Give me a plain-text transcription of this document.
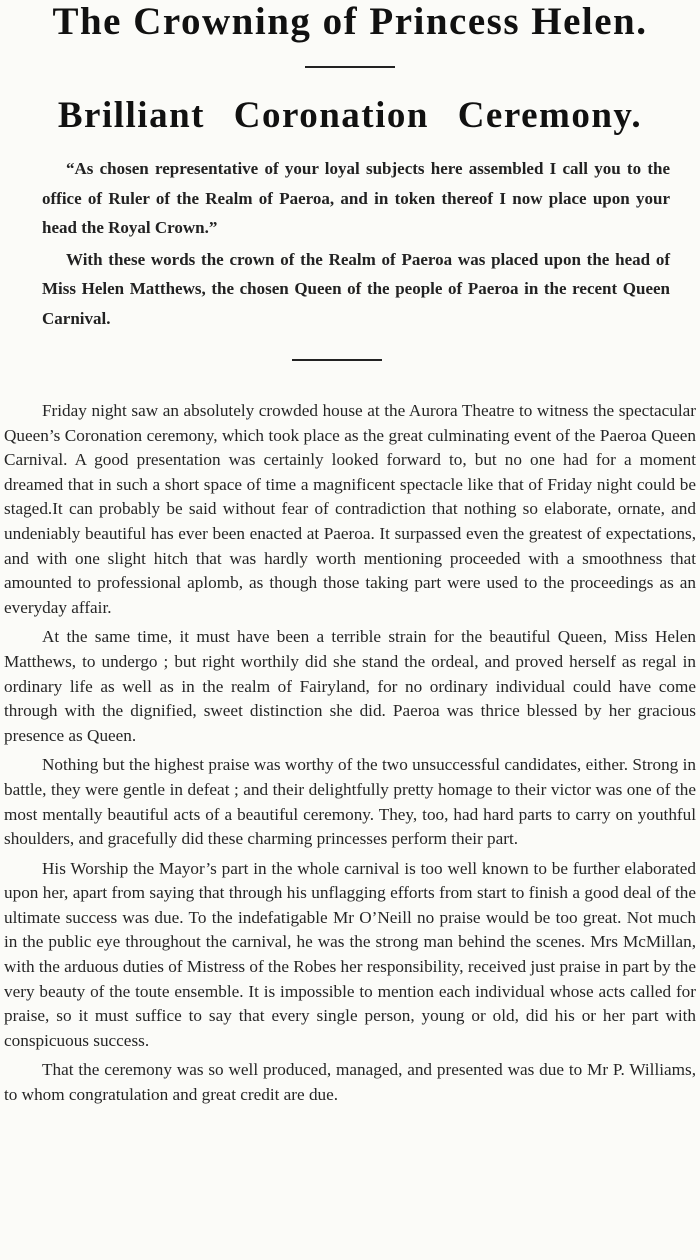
The Crowning of Princess Helen.
Brilliant Coronation Ceremony.

“As chosen representative of your loyal subjects here assembled I call you to the office of Ruler of the Realm of Paeroa, and in token thereof I now place upon your head the Royal Crown.”

With these words the crown of the Realm of Paeroa was placed upon the head of Miss Helen Matthews, the chosen Queen of the people of Paeroa in the recent Queen Carnival.

Friday night saw an absolutely crowded house at the Aurora Theatre to witness the spectacular Queen’s Coronation ceremony, which took place as the great culminating event of the Paeroa Queen Carnival. A good presentation was certainly looked forward to, but no one had for a moment dreamed that in such a short space of time a magnificent spectacle like that of Friday night could be staged.It can probably be said without fear of contradiction that nothing so elaborate, ornate, and undeniably beautiful has ever been enacted at Paeroa. It surpassed even the greatest of expectations, and with one slight hitch that was hardly worth mentioning proceeded with a smoothness that amounted to professional aplomb, as though those taking part were used to the proceedings as an everyday affair.

At the same time, it must have been a terrible strain for the beautiful Queen, Miss Helen Matthews, to undergo ; but right worthily did she stand the ordeal, and proved herself as regal in ordinary life as well as in the realm of Fairyland, for no ordinary individual could have come through with the dignified, sweet distinction she did. Paeroa was thrice blessed by her gracious presence as Queen.

Nothing but the highest praise was worthy of the two unsuccessful candidates, either. Strong in battle, they were gentle in defeat ; and their delightfully pretty homage to their victor was one of the most mentally beautiful acts of a beautiful ceremony. They, too, had hard parts to carry on youthful shoulders, and gracefully did these charming princesses perform their part.

His Worship the Mayor’s part in the whole carnival is too well known to be further elaborated upon her, apart from saying that through his unflagging efforts from start to finish a good deal of the ultimate success was due. To the indefatigable Mr O’Neill no praise would be too great. Not much in the public eye throughout the carnival, he was the strong man behind the scenes. Mrs McMillan, with the arduous duties of Mistress of the Robes her responsibility, received just praise in part by the very beauty of the toute ensemble. It is impossible to mention each individual whose acts called for praise, so it must suffice to say that every single person, young or old, did his or her part with conspicuous success.

That the ceremony was so well produced, managed, and presented was due to Mr P. Williams, to whom congratulation and great credit are due.
